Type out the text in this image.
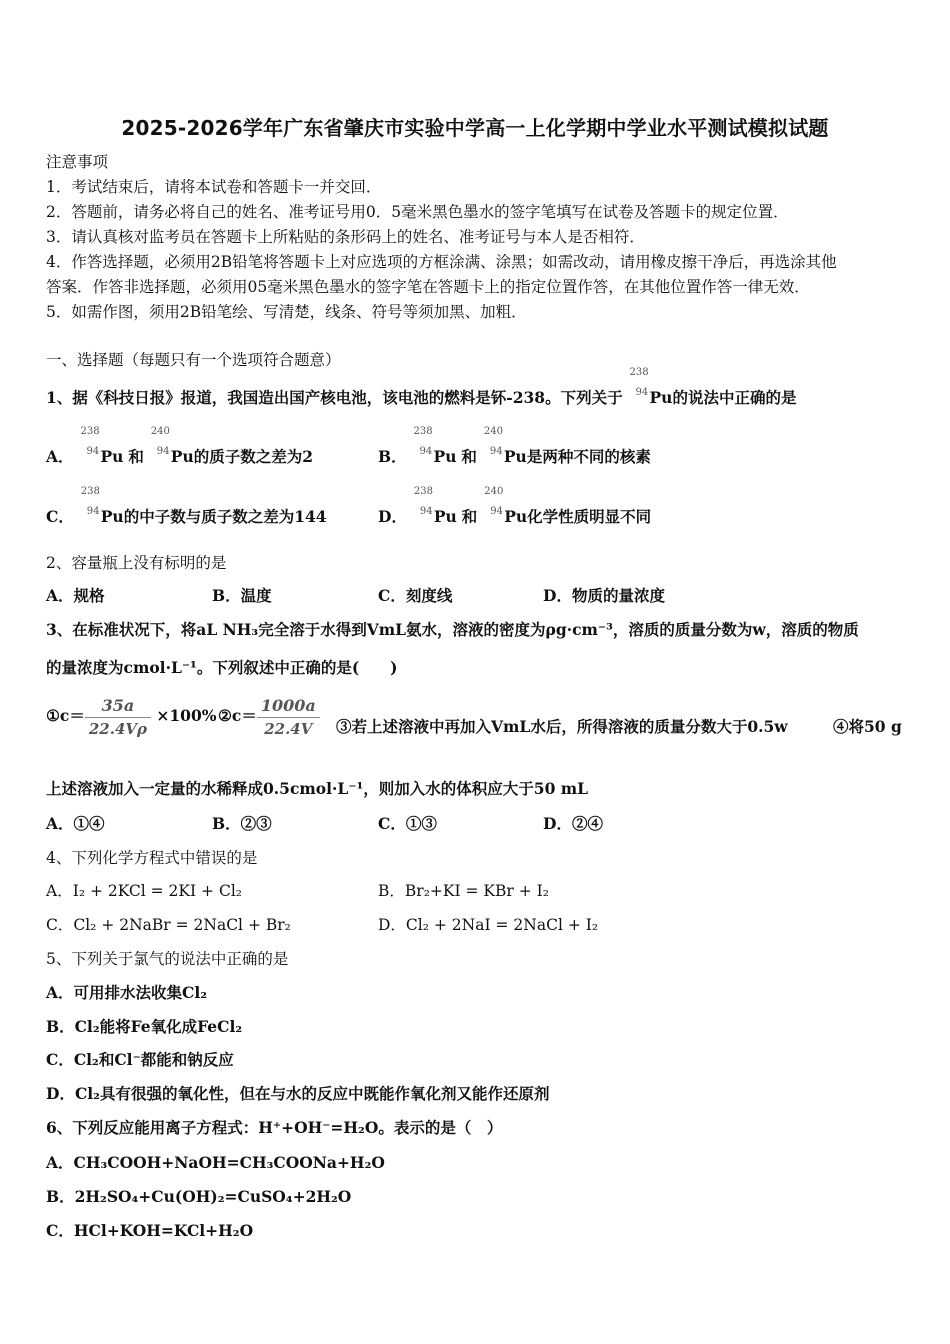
2025-2026学年广东省肇庆市实验中学高一上化学期中学业水平测试模拟试题
注意事项
1．考试结束后，请将本试卷和答题卡一并交回．
2．答题前，请务必将自己的姓名、准考证号用0．5毫米黑色墨水的签字笔填写在试卷及答题卡的规定位置．
3．请认真核对监考员在答题卡上所粘贴的条形码上的姓名、准考证号与本人是否相符．
4．作答选择题，必须用2B铅笔将答题卡上对应选项的方框涂满、涂黑；如需改动，请用橡皮擦干净后，再选涂其他
答案．作答非选择题，必须用05毫米黑色墨水的签字笔在答题卡上的指定位置作答，在其他位置作答一律无效．
5．如需作图，须用2B铅笔绘、写清楚，线条、符号等须加黑、加粗．
一、选择题（每题只有一个选项符合题意）
1、据《科技日报》报道，我国造出国产核电池，该电池的燃料是钚-238。下列关于
238
94 Pu的说法中正确的是
A．
238
94 Pu 和
240
94 Pu的质子数之差为2	B．
238
94 Pu 和
240
94 Pu是两种不同的核素
C．
238
94 Pu的中子数与质子数之差为144	D．
238
94 Pu 和
240
94 Pu化学性质明显不同
2、容量瓶上没有标明的是
A．规格	B．温度	C．刻度线	D．物质的量浓度
3、在标准状况下，将aL NH₃完全溶于水得到VmL氨水，溶液的密度为ρg·cm⁻³，溶质的质量分数为w，溶质的物质
的量浓度为cmol·L⁻¹。下列叙述中正确的是(　　)
①c＝ $\frac{35a}{22.4V\rho} \times 100\%$ ②c＝ $\frac{1000a}{22.4V}$ ③若上述溶液中再加入VmL水后，所得溶液的质量分数大于0.5w	④将50 g
上述溶液加入一定量的水稀释成0.5cmol·L⁻¹，则加入水的体积应大于50 mL
A．①④	B．②③	C．①③	D．②④
4、下列化学方程式中错误的是
A．I₂ + 2KCl = 2KI + Cl₂	B．Br₂+KI = KBr + I₂
C．Cl₂ + 2NaBr = 2NaCl + Br₂	D．Cl₂ + 2NaI = 2NaCl + I₂
5、下列关于氯气的说法中正确的是
A．可用排水法收集Cl₂
B．Cl₂能将Fe氧化成FeCl₂
C．Cl₂和Cl⁻都能和钠反应
D．Cl₂具有很强的氧化性，但在与水的反应中既能作氧化剂又能作还原剂
6、下列反应能用离子方程式：H⁺+OH⁻=H₂O。表示的是（　）
A．CH₃COOH+NaOH=CH₃COONa+H₂O
B．2H₂SO₄+Cu(OH)₂=CuSO₄+2H₂O
C．HCl+KOH=KCl+H₂O
